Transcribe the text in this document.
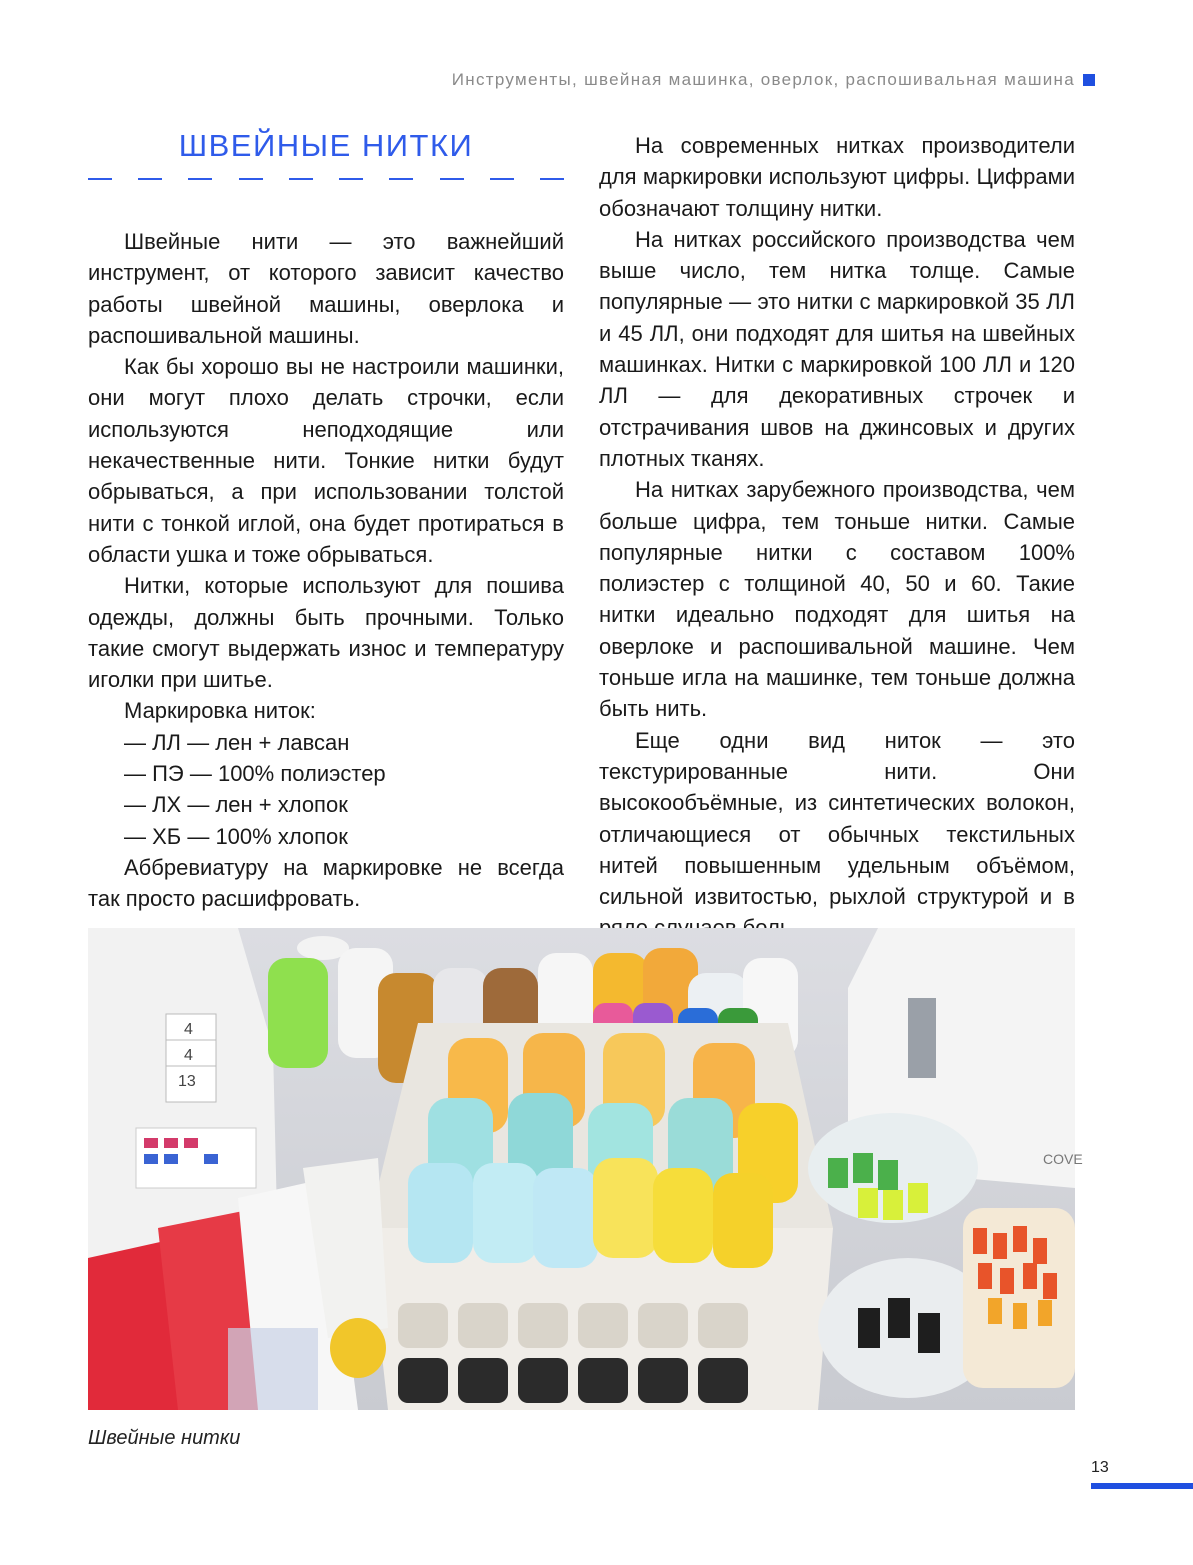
Инструменты, швейная машинка, оверлок, распошивальная машина
ШВЕЙНЫЕ НИТКИ

Швейные нити — это важнейший инструмент, от которого зависит качество работы швейной машины, оверлока и распошивальной машины.

Как бы хорошо вы не настроили машинки, они могут плохо делать строчки, если используются неподходящие или некачественные нити. Тонкие нитки будут обрываться, а при использовании толстой нити с тонкой иглой, она будет протираться в области ушка и тоже обрываться.

Нитки, которые используют для пошива одежды, должны быть прочными. Только такие смогут выдержать износ и температуру иголки при шитье.

Маркировка ниток:

— ЛЛ — лен + лавсан

— ПЭ — 100% полиэстер

— ЛХ — лен + хлопок

— ХБ — 100% хлопок

Аббревиатуру на маркировке не всегда так просто расшифровать.

На современных нитках производители для маркировки используют цифры. Цифрами обозначают толщину нитки.

На нитках российского производства чем выше число, тем нитка толще. Самые популярные — это нитки с маркировкой 35 ЛЛ и 45 ЛЛ, они подходят для шитья на швейных машинках. Нитки с маркировкой 100 ЛЛ и 120 ЛЛ — для декоративных строчек и отстрачивания швов на джинсовых и других плотных тканях.

На нитках зарубежного производства, чем больше цифра, тем тоньше нитки. Самые популярные нитки с составом 100% полиэстер с толщиной 40, 50 и 60. Такие нитки идеально подходят для шитья на оверлоке и распошивальной машине. Чем тоньше игла на машинке, тем тоньше должна быть нить.

Еще одни вид ниток — это текстурированные нити. Они высокообъёмные, из синтетических волокон, отличающиеся от обычных текстильных нитей повышенным удельным объёмом, сильной извитостью, рыхлой структурой и в

4
4
13
COVE
Швейные нитки
13
